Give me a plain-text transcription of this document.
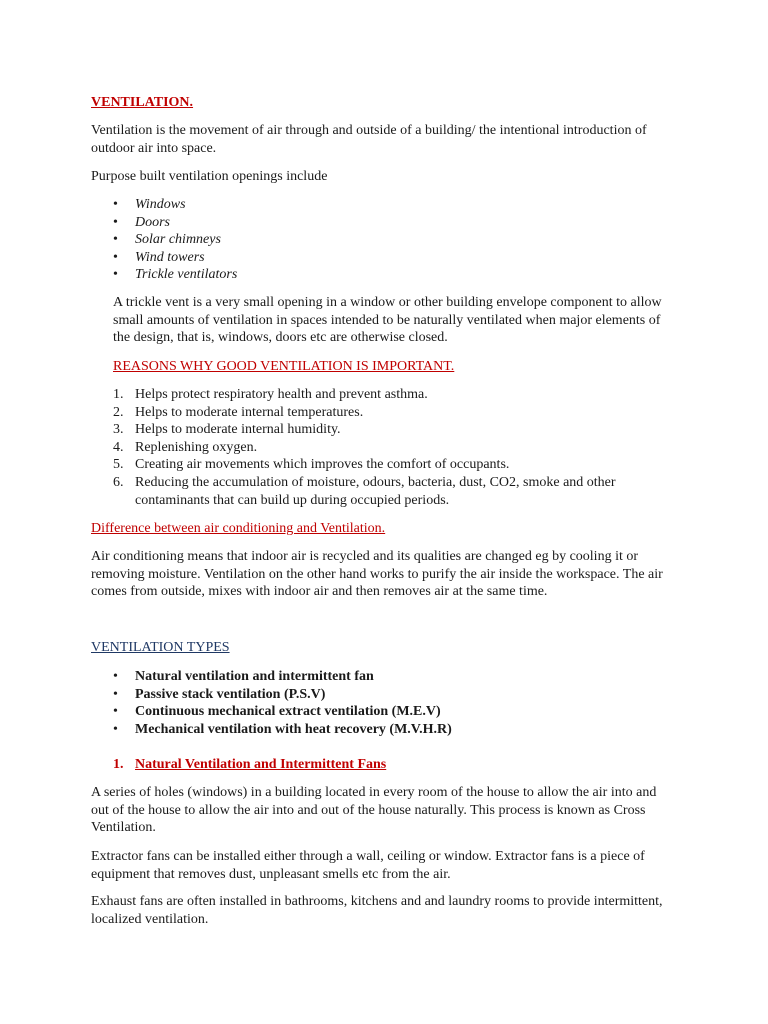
VENTILATION.

Ventilation is the movement of air through and outside of a building/ the intentional introduction of outdoor air into space.

Purpose built ventilation openings include

•	Windows
•	Doors
•	Solar chimneys
•	Wind towers
•	Trickle ventilators

A trickle vent is a very small opening in a window or other building envelope component to allow small amounts of ventilation in spaces intended to be naturally ventilated when major elements of the design, that is, windows, doors etc are otherwise closed.

REASONS WHY GOOD VENTILATION IS IMPORTANT.

1. Helps protect respiratory health and prevent asthma.
2. Helps to moderate internal temperatures.
3. Helps to moderate internal humidity.
4. Replenishing oxygen.
5. Creating air movements which improves the comfort of occupants.
6. Reducing the accumulation of moisture, odours, bacteria, dust, CO2, smoke and other contaminants that can build up during occupied periods.

Difference between air conditioning and Ventilation.

Air conditioning means that indoor air is recycled and its qualities are changed eg by cooling it or removing moisture. Ventilation on the other hand works to purify the air inside the workspace. The air comes from outside, mixes with indoor air and then removes air at the same time.

VENTILATION TYPES

•	Natural ventilation and intermittent fan
•	Passive stack ventilation (P.S.V)
•	Continuous mechanical extract ventilation (M.E.V)
•	Mechanical ventilation with heat recovery (M.V.H.R)
1. Natural Ventilation and Intermittent Fans

A series of holes (windows) in a building located in every room of the house to allow the air into and out of the house to allow the air into and out of the house naturally. This process is known as Cross Ventilation.

Extractor fans can be installed either through a wall, ceiling or window. Extractor fans is a piece of equipment that removes dust, unpleasant smells etc from the air.

Exhaust fans are often installed in bathrooms, kitchens and and laundry rooms to provide intermittent, localized ventilation.
